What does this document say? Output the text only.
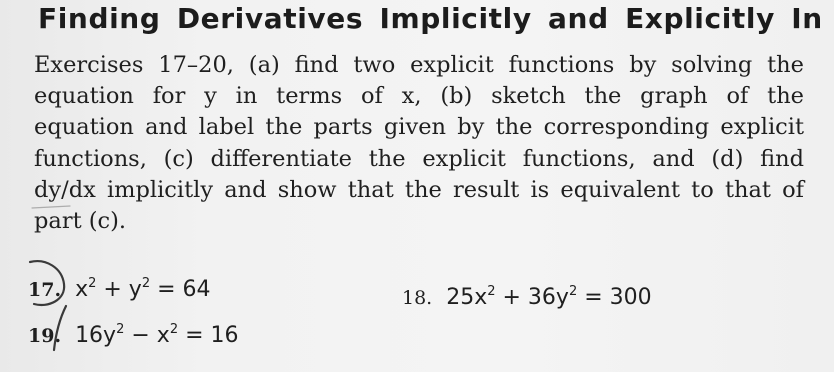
Finding Derivatives Implicitly and Explicitly In
Exercises 17–20, (a) find two explicit functions by solving the
equation for y in terms of x, (b) sketch the graph of the
equation and label the parts given by the corresponding explicit
functions, (c) differentiate the explicit functions, and (d) find
dy/dx implicitly and show that the result is equivalent to that of
part (c).
17. $x^2 + y^2 = 64$	18. $25x^2 + 36y^2 = 300$
19. $16y^2 - x^2 = 16$
